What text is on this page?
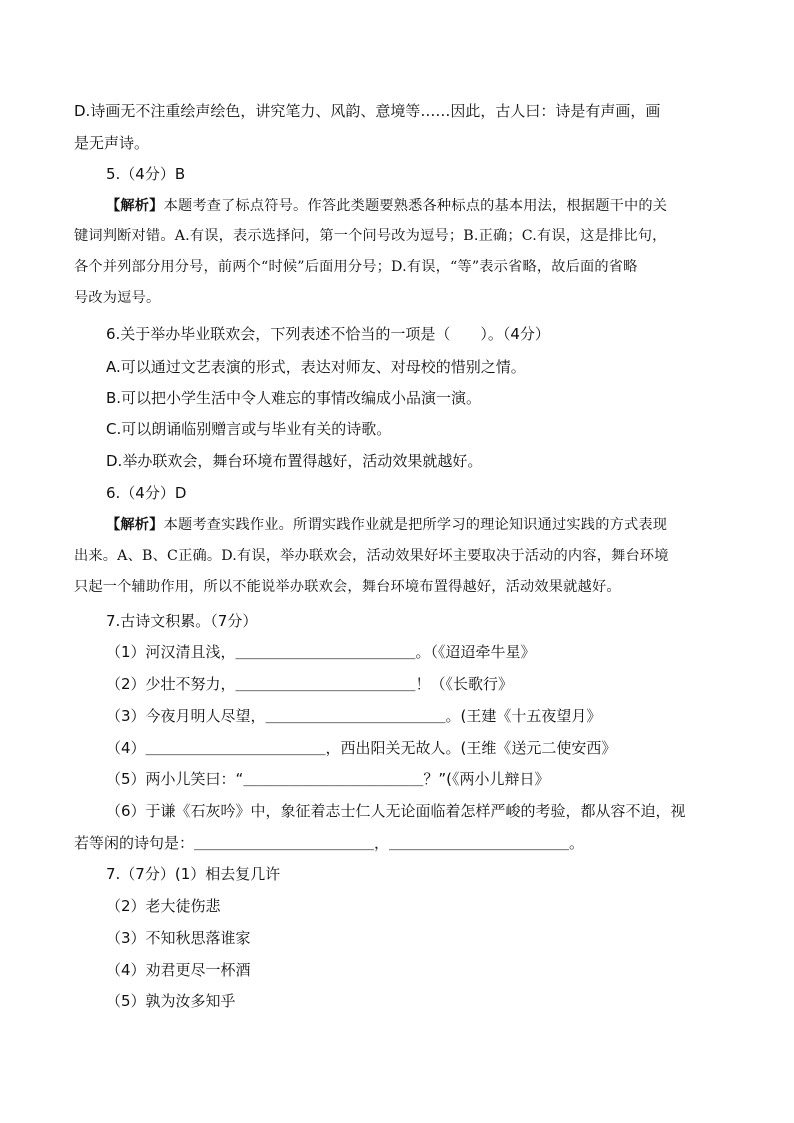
D.诗画无不注重绘声绘色，讲究笔力、风韵、意境等……因此，古人曰：诗是有声画，画
是无声诗。
5.（4分）B
【解析】本题考查了标点符号。作答此类题要熟悉各种标点的基本用法，根据题干中的关
键词判断对错。A.有误，表示选择问，第一个问号改为逗号；B.正确；C.有误，这是排比句，
各个并列部分用分号，前两个“时候”后面用分号；D.有误，“等”表示省略，故后面的省略
号改为逗号。
6.关于举办毕业联欢会，下列表述不恰当的一项是（　　）。（4分）
A.可以通过文艺表演的形式，表达对师友、对母校的惜别之情。
B.可以把小学生活中令人难忘的事情改编成小品演一演。
C.可以朗诵临别赠言或与毕业有关的诗歌。
D.举办联欢会，舞台环境布置得越好，活动效果就越好。
6.（4分）D
【解析】本题考查实践作业。所谓实践作业就是把所学习的理论知识通过实践的方式表现
出来。A、B、C正确。D.有误，举办联欢会，活动效果好坏主要取决于活动的内容，舞台环境
只起一个辅助作用，所以不能说举办联欢会，舞台环境布置得越好，活动效果就越好。
7.古诗文积累。（7分）
（1）河汉清且浅，＿＿＿＿＿＿＿＿＿＿＿＿。（《迢迢牵牛星》
（2）少壮不努力，＿＿＿＿＿＿＿＿＿＿＿＿！（《长歌行》
（3）今夜月明人尽望，＿＿＿＿＿＿＿＿＿＿＿＿。(王建《十五夜望月》
（4）＿＿＿＿＿＿＿＿＿＿＿＿，西出阳关无故人。(王维《送元二使安西》
（5）两小儿笑曰：“＿＿＿＿＿＿＿＿＿＿＿＿？”(《两小儿辩日》
（6）于谦《石灰吟》中，象征着志士仁人无论面临着怎样严峻的考验，都从容不迫，视
若等闲的诗句是：＿＿＿＿＿＿＿＿＿＿＿＿，＿＿＿＿＿＿＿＿＿＿＿＿。
7.（7分）(1）相去复几许
（2）老大徒伤悲
（3）不知秋思落谁家
（4）劝君更尽一杯酒
（5）孰为汝多知乎
